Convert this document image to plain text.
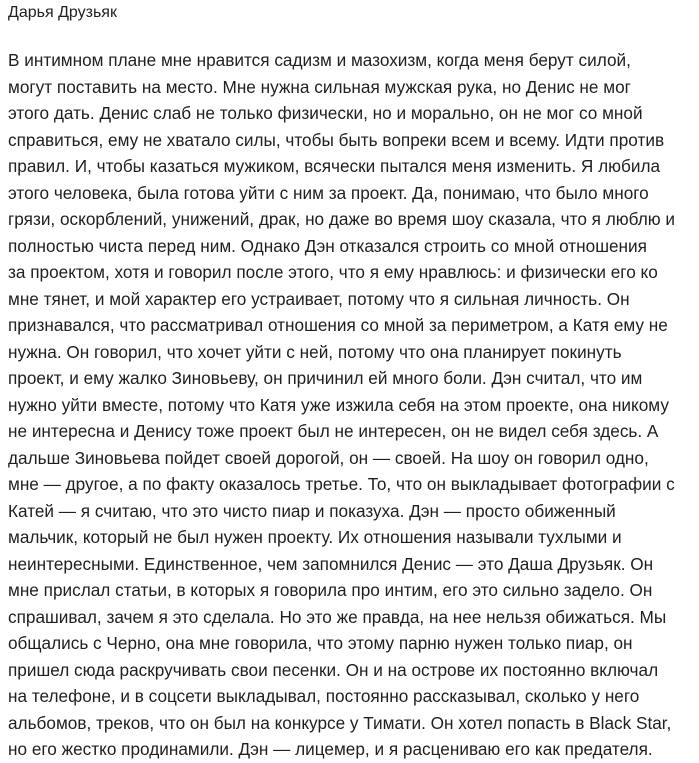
Дарья Друзьяк
В интимном плане мне нравится садизм и мазохизм, когда меня берут силой,
могут поставить на место. Мне нужна сильная мужская рука, но Денис не мог
этого дать. Денис слаб не только физически, но и морально, он не мог со мной
справиться, ему не хватало силы, чтобы быть вопреки всем и всему. Идти против
правил. И, чтобы казаться мужиком, всячески пытался меня изменить. Я любила
этого человека, была готова уйти с ним за проект. Да, понимаю, что было много
грязи, оскорблений, унижений, драк, но даже во время шоу сказала, что я люблю и
полностью чиста перед ним. Однако Дэн отказался строить со мной отношения
за проектом, хотя и говорил после этого, что я ему нравлюсь: и физически его ко
мне тянет, и мой характер его устраивает, потому что я сильная личность. Он
признавался, что рассматривал отношения со мной за периметром, а Катя ему не
нужна. Он говорил, что хочет уйти с ней, потому что она планирует покинуть
проект, и ему жалко Зиновьеву, он причинил ей много боли. Дэн считал, что им
нужно уйти вместе, потому что Катя уже изжила себя на этом проекте, она никому
не интересна и Денису тоже проект был не интересен, он не видел себя здесь. А
дальше Зиновьева пойдет своей дорогой, он — своей. На шоу он говорил одно,
мне — другое, а по факту оказалось третье. То, что он выкладывает фотографии с
Катей — я считаю, что это чисто пиар и показуха. Дэн — просто обиженный
мальчик, который не был нужен проекту. Их отношения называли тухлыми и
неинтересными. Единственное, чем запомнился Денис — это Даша Друзьяк. Он
мне прислал статьи, в которых я говорила про интим, его это сильно задело. Он
спрашивал, зачем я это сделала. Но это же правда, на нее нельзя обижаться. Мы
общались с Черно, она мне говорила, что этому парню нужен только пиар, он
пришел сюда раскручивать свои песенки. Он и на острове их постоянно включал
на телефоне, и в соцсети выкладывал, постоянно рассказывал, сколько у него
альбомов, треков, что он был на конкурсе у Тимати. Он хотел попасть в Black Star,
но его жестко продинамили. Дэн — лицемер, и я расцениваю его как предателя.
